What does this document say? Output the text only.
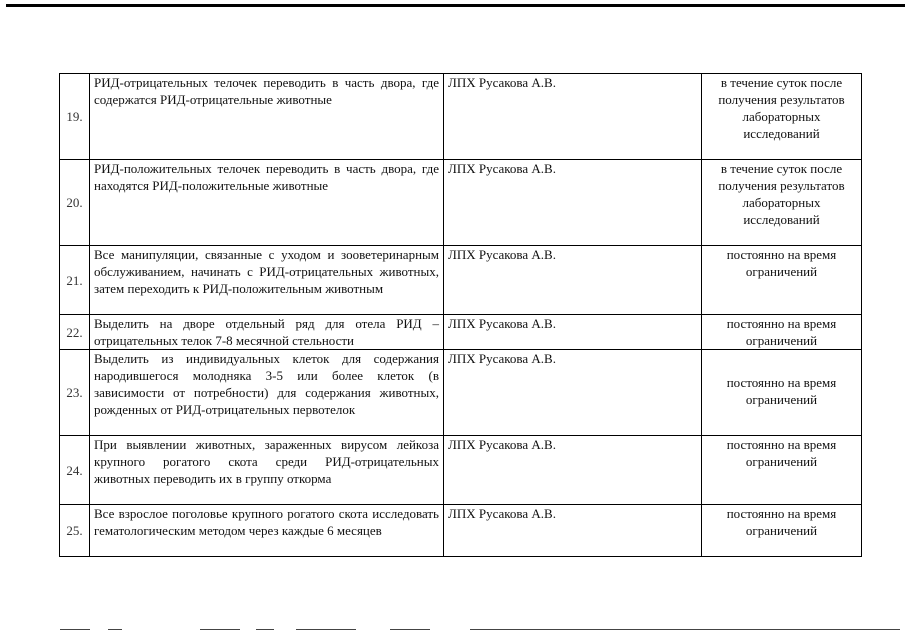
19.	РИД-отрицательных телочек переводить в часть двора, где содержатся РИД-отрицательные животные	ЛПХ Русакова А.В.	в течение суток после получения результатов лабораторных исследований
20.	РИД-положительных телочек переводить в часть двора, где находятся РИД-положительные животные	ЛПХ Русакова А.В.	в течение суток после получения результатов лабораторных исследований
21.	Все манипуляции, связанные с уходом и зооветеринарным обслуживанием, начинать с РИД-отрицательных животных, затем переходить к РИД-положительным животным	ЛПХ Русакова А.В.	постоянно на время ограничений
22.	Выделить на дворе отдельный ряд для отела РИД – отрицательных телок 7-8 месячной стельности	ЛПХ Русакова А.В.	постоянно на время ограничений
23.	Выделить из индивидуальных клеток для содержания народившегося молодняка 3-5 или более клеток (в зависимости от потребности) для содержания животных, рожденных от РИД-отрицательных первотелок	ЛПХ Русакова А.В.	постоянно на время ограничений

24.	При выявлении животных, зараженных вирусом лейкоза крупного рогатого скота среди РИД-отрицательных животных переводить их в группу откорма	ЛПХ Русакова А.В.	постоянно на время ограничений
25.	Все взрослое поголовье крупного рогатого скота исследовать гематологическим методом через каждые 6 месяцев	ЛПХ Русакова А.В.	постоянно на время ограничений
